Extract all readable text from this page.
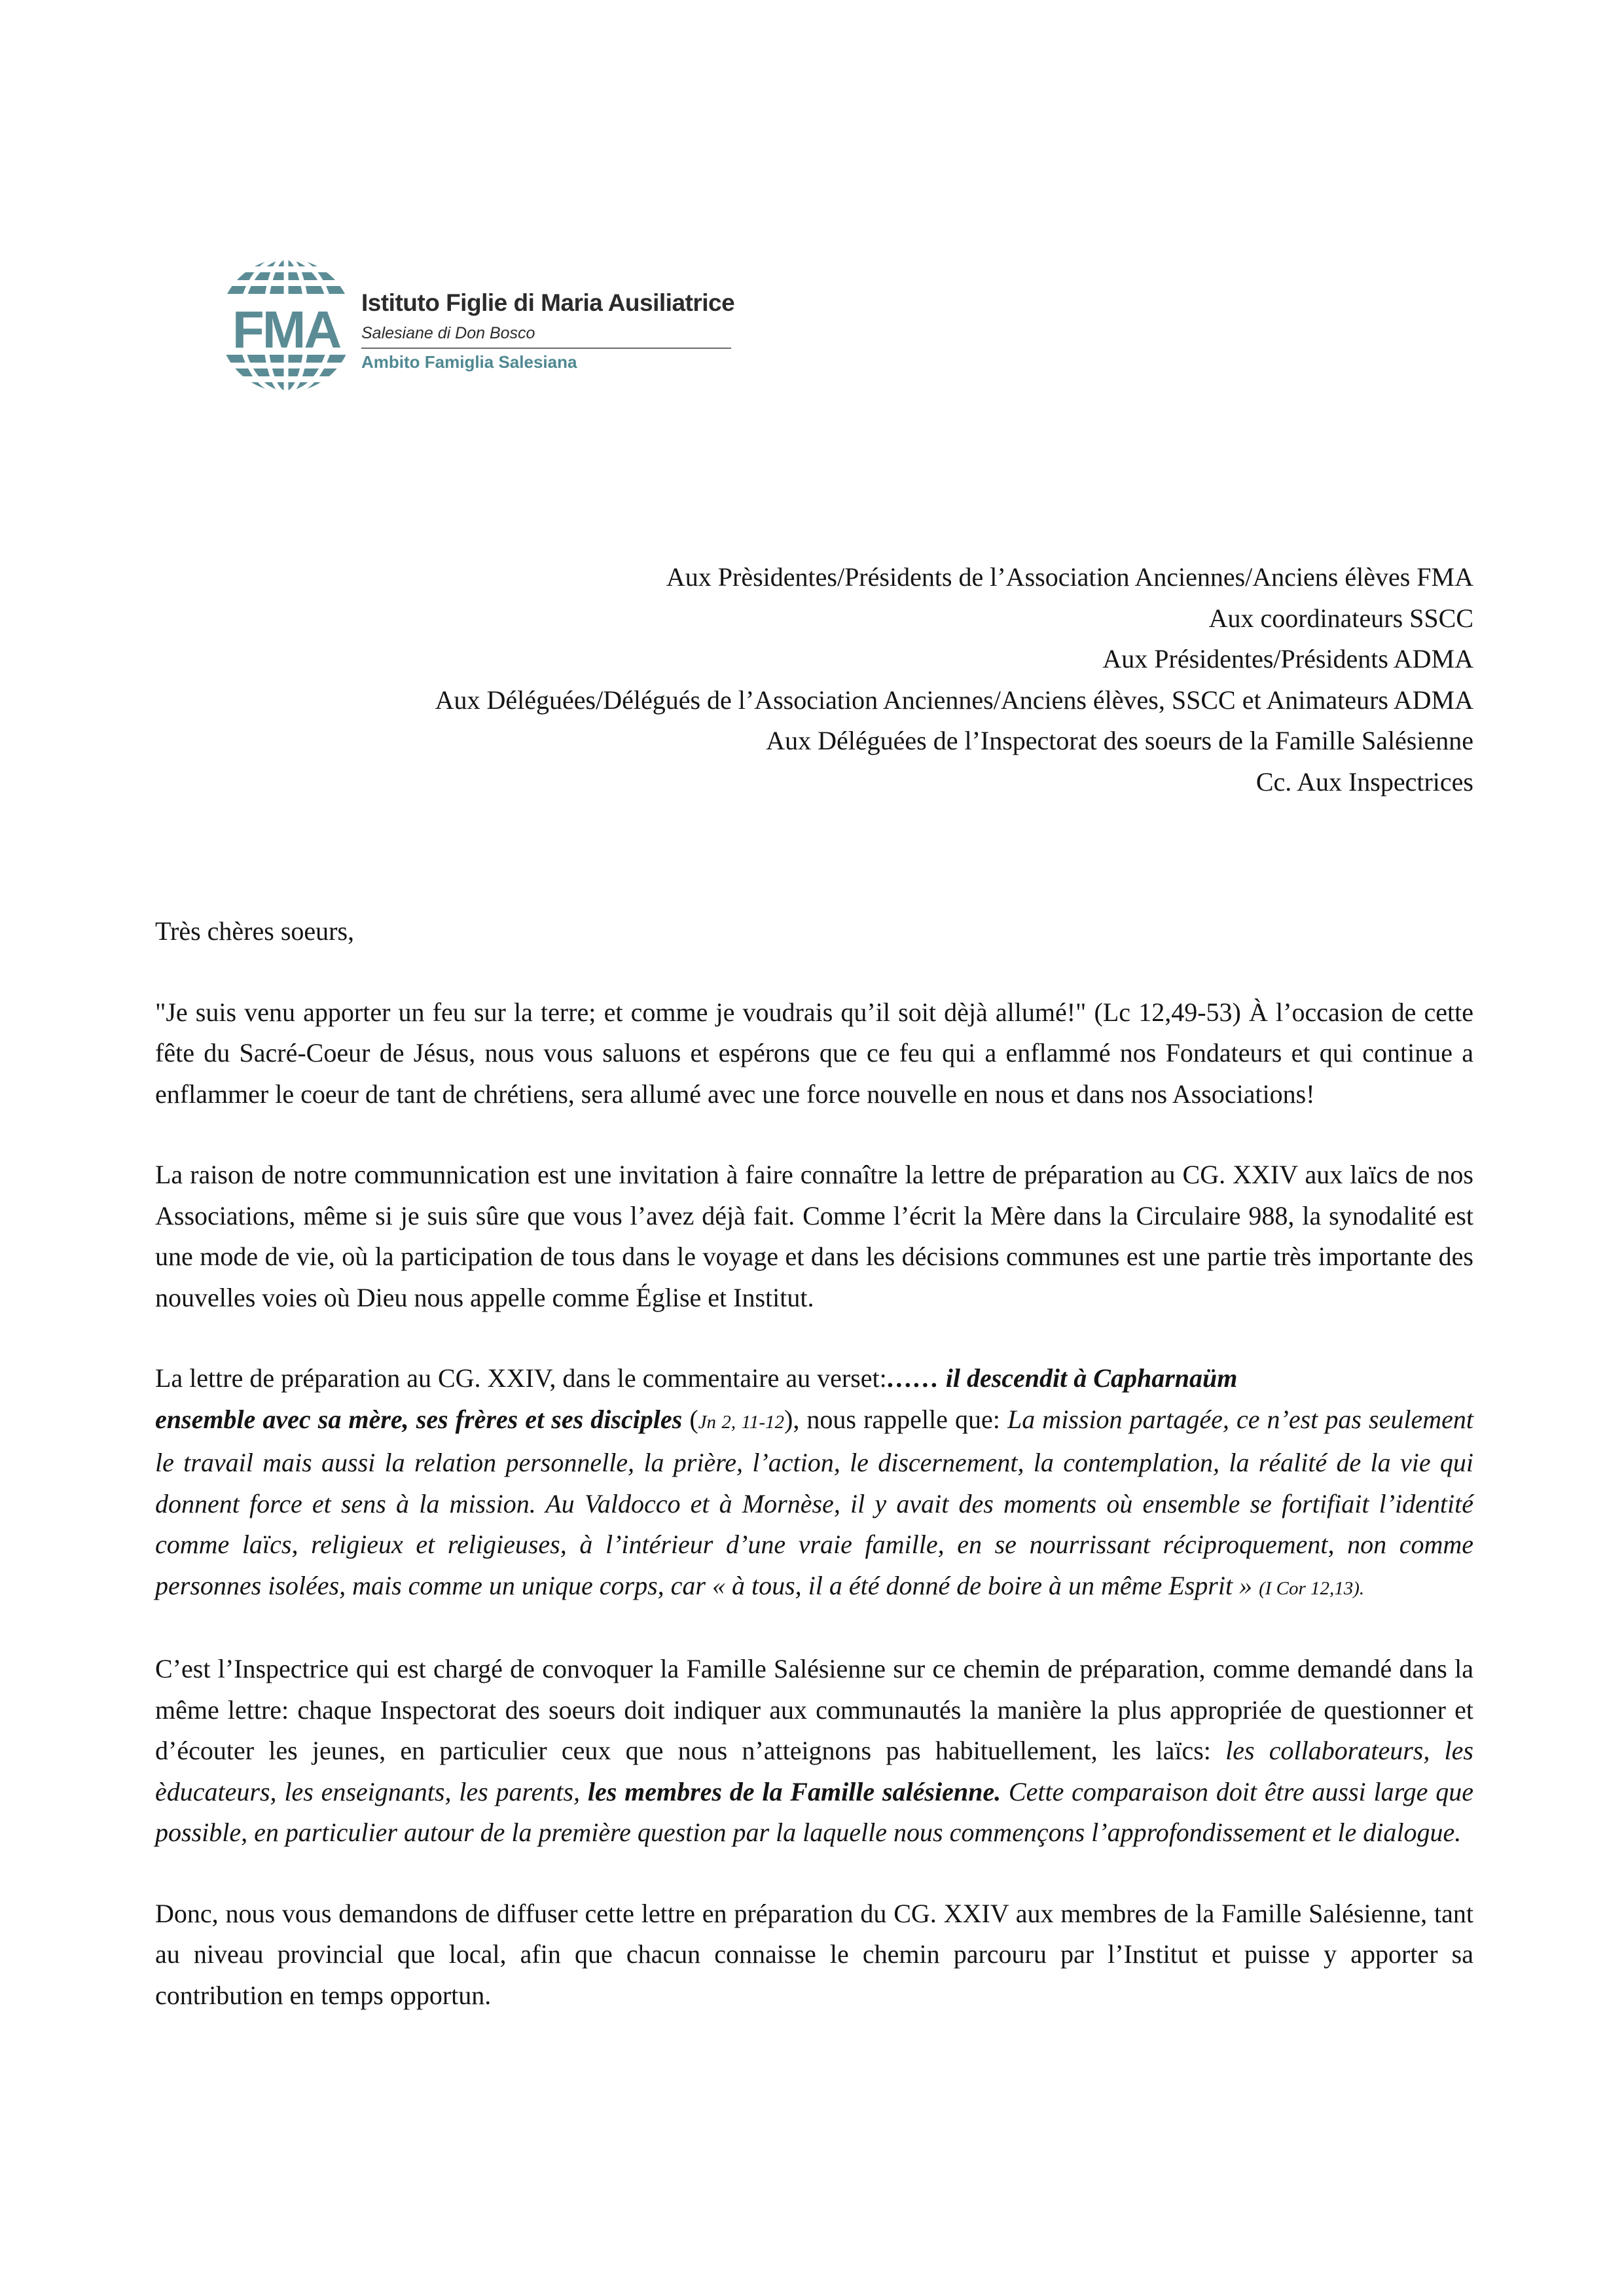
FMA Istituto Figlie di Maria Ausiliatrice
Salesiane di Don Bosco
Ambito Famiglia Salesiana
Aux Prèsidentes/Présidents de l’Association Anciennes/Anciens élèves FMA
Aux coordinateurs SSCC
Aux Présidentes/Présidents ADMA
Aux Déléguées/Délégués de l’Association Anciennes/Anciens élèves, SSCC et Animateurs ADMA
Aux Déléguées de l’Inspectorat des soeurs de la Famille Salésienne
Cc. Aux Inspectrices
Très chères soeurs,
"Je suis venu apporter un feu sur la terre; et comme je voudrais qu’il soit dèjà allumé!" (Lc 12,49-53) À l’occasion de cette fête du Sacré-Coeur de Jésus, nous vous saluons et espérons que ce feu qui a enflammé nos Fondateurs et qui continue a enflammer le coeur de tant de chrétiens, sera allumé avec une force nouvelle en nous et dans nos Associations!
La raison de notre communnication est une invitation à faire connaître la lettre de préparation au CG. XXIV aux laïcs de nos Associations, même si je suis sûre que vous l’avez déjà fait. Comme l’écrit la Mère dans la Circulaire 988, la synodalité est une mode de vie, où la participation de tous dans le voyage et dans les décisions communes est une partie très importante des nouvelles voies où Dieu nous appelle comme Église et Institut.
La lettre de préparation au CG. XXIV, dans le commentaire au verset:…… il descendit à Capharnaüm
ensemble avec sa mère, ses frères et ses disciples (Jn 2, 11-12), nous rappelle que: La mission partagée, ce n’est pas seulement le travail mais aussi la relation personnelle, la prière, l’action, le discernement, la contemplation, la réalité de la vie qui donnent force et sens à la mission. Au Valdocco et à Mornèse, il y avait des moments où ensemble se fortifiait l’identité comme laïcs, religieux et religieuses, à l’intérieur d’une vraie famille, en se nourrissant réciproquement, non comme personnes isolées, mais comme un unique corps, car « à tous, il a été donné de boire à un même Esprit » (I Cor 12,13).
C’est l’Inspectrice qui est chargé de convoquer la Famille Salésienne sur ce chemin de préparation, comme demandé dans la même lettre: chaque Inspectorat des soeurs doit indiquer aux communautés la manière la plus appropriée de questionner et d’écouter les jeunes, en particulier ceux que nous n’atteignons pas habituellement, les laïcs: les collaborateurs, les èducateurs, les enseignants, les parents, les membres de la Famille salésienne. Cette comparaison doit être aussi large que possible, en particulier autour de la première question par la laquelle nous commençons l’approfondissement et le dialogue.
Donc, nous vous demandons de diffuser cette lettre en préparation du CG. XXIV aux membres de la Famille Salésienne, tant au niveau provincial que local, afin que chacun connaisse le chemin parcouru par l’Institut et puisse y apporter sa contribution en temps opportun.
